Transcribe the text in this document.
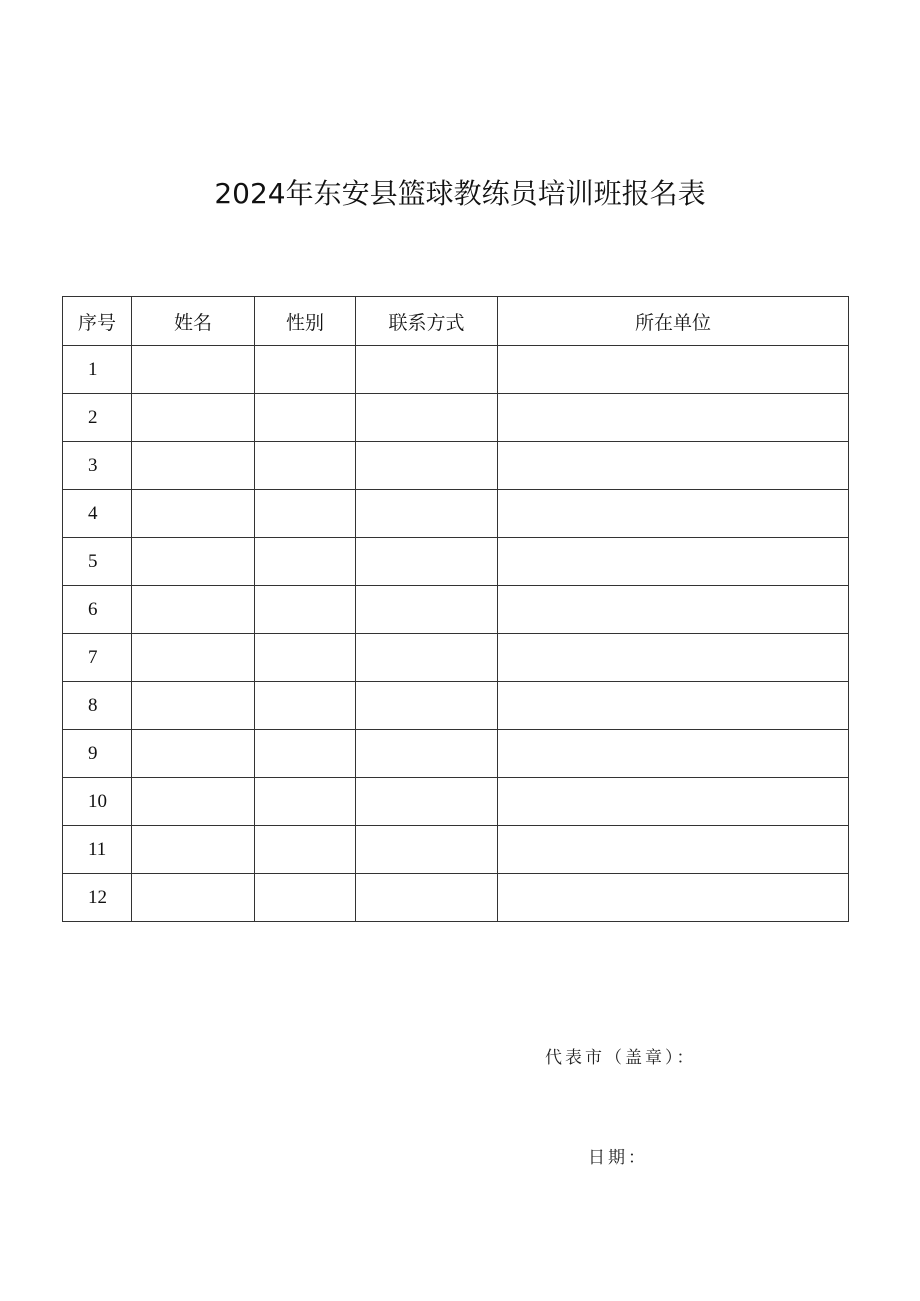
2024年东安县篮球教练员培训班报名表
序号	姓名	性别	联系方式	所在单位
1				
2				
3				
4				
5				
6				
7				
8				
9				
10				
11				
12				
代表市（盖章）：
日期：
